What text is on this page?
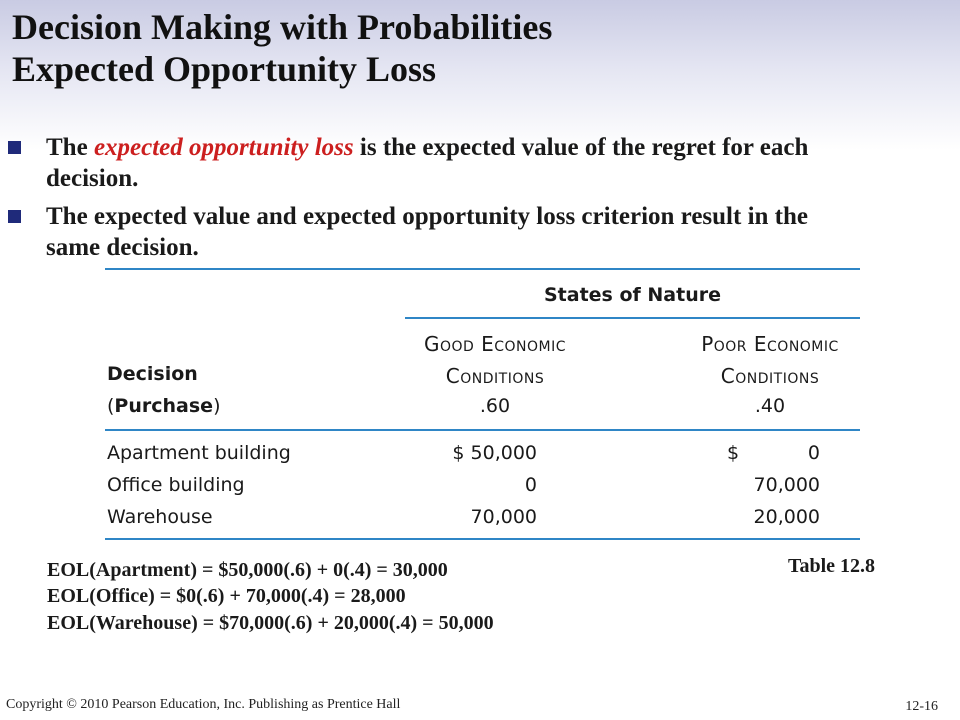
Decision Making with Probabilities
Expected Opportunity Loss
The expected opportunity loss is the expected value of the regret for each decision.
The expected value and expected opportunity loss criterion result in the same decision.
States of Nature
Good Economic
Conditions
.60
Poor Economic
Conditions
.40
Decision
(Purchase)
Apartment building	$ 50,000	$	0
Office building	0	70,000
Warehouse	70,000	20,000
EOL(Apartment) = $50,000(.6) + 0(.4) = 30,000
EOL(Office) = $0(.6) + 70,000(.4) = 28,000
EOL(Warehouse) = $70,000(.6) + 20,000(.4) = 50,000
Table 12.8
Copyright © 2010 Pearson Education, Inc. Publishing as Prentice Hall	12-16
